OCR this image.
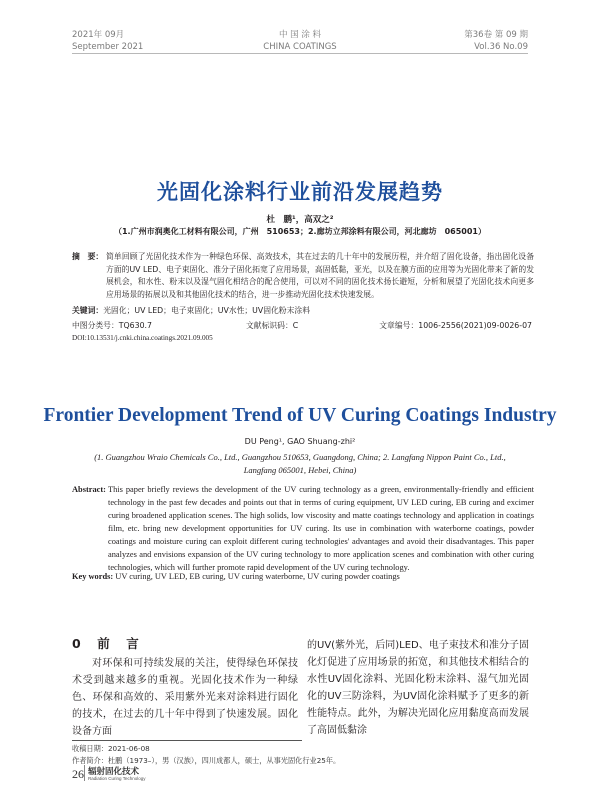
2021年 09月
September 2021
中 国 涂 料
CHINA COATINGS
第36卷 第 09 期
Vol.36 No.09
光固化涂料行业前沿发展趋势
杜　鹏¹，高双之²
（1.广州市润奥化工材料有限公司，广州　510653；2.廊坊立邦涂料有限公司，河北廊坊　065001）
摘　要： 简单回顾了光固化技术作为一种绿色环保、高效技术，其在过去的几十年中的发展历程，并介绍了固化设备，指出固化设备方面的UV LED、电子束固化、准分子固化拓宽了应用场景，高固低黏，亚光，以及在膜方面的应用等为光固化带来了新的发展机会，和水性、粉末以及湿气固化相结合的配合使用，可以对不同的固化技术扬长避短，分析和展望了光固化技术向更多应用场景的拓展以及和其他固化技术的结合，进一步推动光固化技术快速发展。
关键词：光固化；UV LED；电子束固化；UV水性；UV固化粉末涂料
中图分类号：TQ630.7	文献标识码：C	文章编号：1006-2556(2021)09-0026-07
DOI:10.13531/j.cnki.china.coatings.2021.09.005
Frontier Development Trend of UV Curing Coatings Industry
DU Peng¹, GAO Shuang-zhi²
(1. Guangzhou Wraio Chemicals Co., Ltd., Guangzhou 510653, Guangdong, China; 2. Langfang Nippon Paint Co., Ltd., Langfang 065001, Hebei, China)
Abstract: This paper briefly reviews the development of the UV curing technology as a green, environmentally-friendly and efficient technology in the past few decades and points out that in terms of curing equipment, UV LED curing, EB curing and excimer curing broadened application scenes. The high solids, low viscosity and matte coatings technology and application in coatings film, etc. bring new development opportunities for UV curing. Its use in combination with waterborne coatings, powder coatings and moisture curing can exploit different curing technologies' advantages and avoid their disadvantages. This paper analyzes and envisions expansion of the UV curing technology to more application scenes and combination with other curing technologies, which will further promote rapid development of the UV curing technology.
Key words: UV curing, UV LED, EB curing, UV curing waterborne, UV curing powder coatings
0　前　言
对环保和可持续发展的关注，使得绿色环保技术受到越来越多的重视。光固化技术作为一种绿色、环保和高效的、采用紫外光来对涂料进行固化的技术，在过去的几十年中得到了快速发展。固化设备方面
的UV(紫外光，后同)LED、电子束技术和准分子固化灯促进了应用场景的拓宽，和其他技术相结合的水性UV固化涂料、光固化粉末涂料、湿气加光固化的UV三防涂料，为UV固化涂料赋予了更多的新性能特点。此外，为解决光固化应用黏度高而发展了高固低黏涂
收稿日期：2021-06-08
作者简介：杜鹏（1973–），男（汉族），四川成都人，硕士，从事光固化行业25年。
26 辐射固化技术
Radiation Curing Technology
